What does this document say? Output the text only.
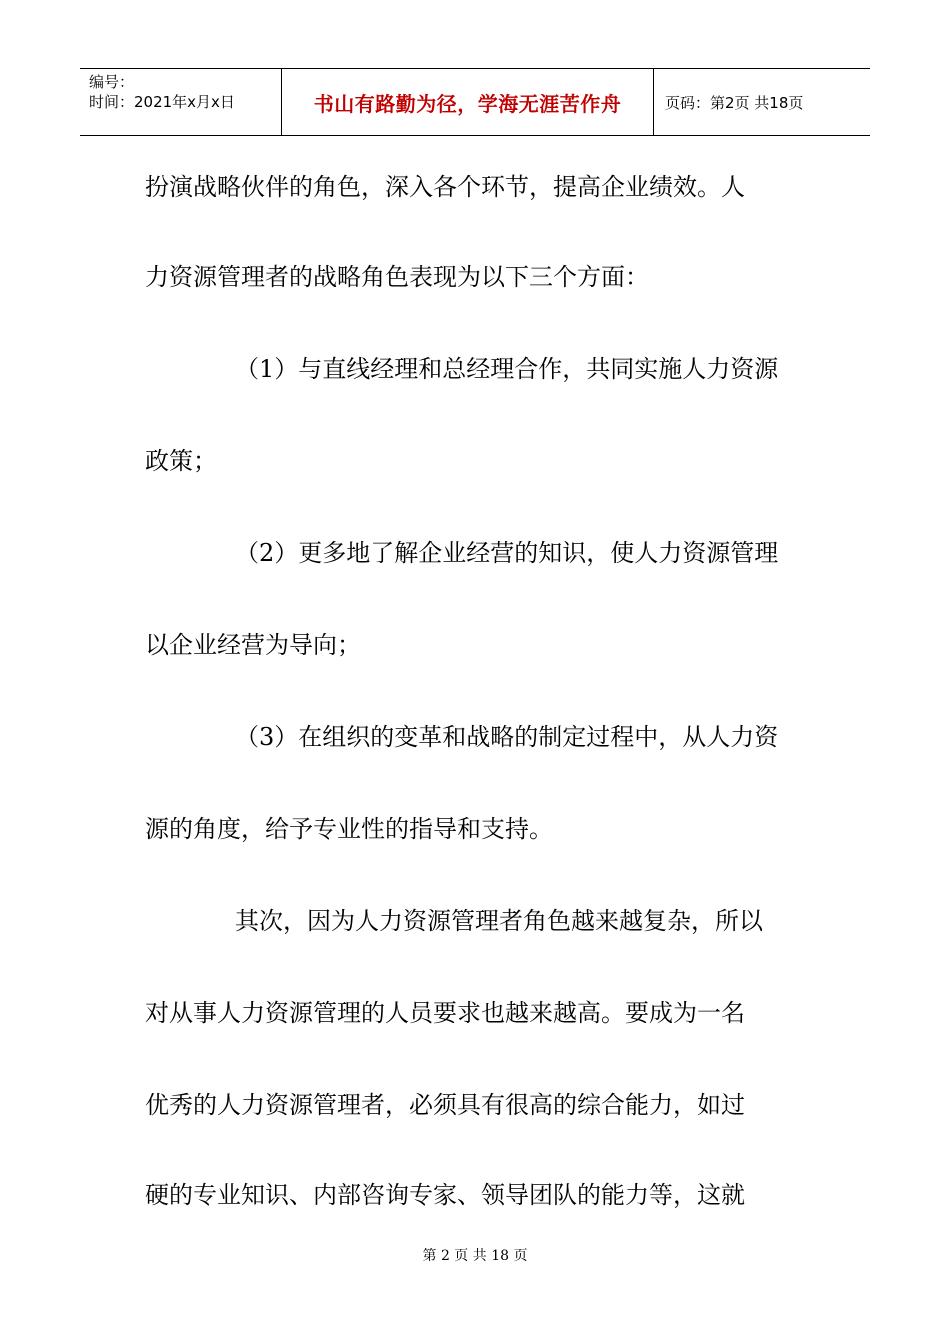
编号：
时间：2021年x月x日	书山有路勤为径，学海无涯苦作舟	页码：第2页 共18页
扮演战略伙伴的角色，深入各个环节，提高企业绩效。人
力资源管理者的战略角色表现为以下三个方面：
（1）与直线经理和总经理合作，共同实施人力资源
政策；
（2）更多地了解企业经营的知识，使人力资源管理
以企业经营为导向；
（3）在组织的变革和战略的制定过程中，从人力资
源的角度，给予专业性的指导和支持。
其次，因为人力资源管理者角色越来越复杂，所以
对从事人力资源管理的人员要求也越来越高。要成为一名
优秀的人力资源管理者，必须具有很高的综合能力，如过
硬的专业知识、内部咨询专家、领导团队的能力等，这就
第 2 页 共 18 页
